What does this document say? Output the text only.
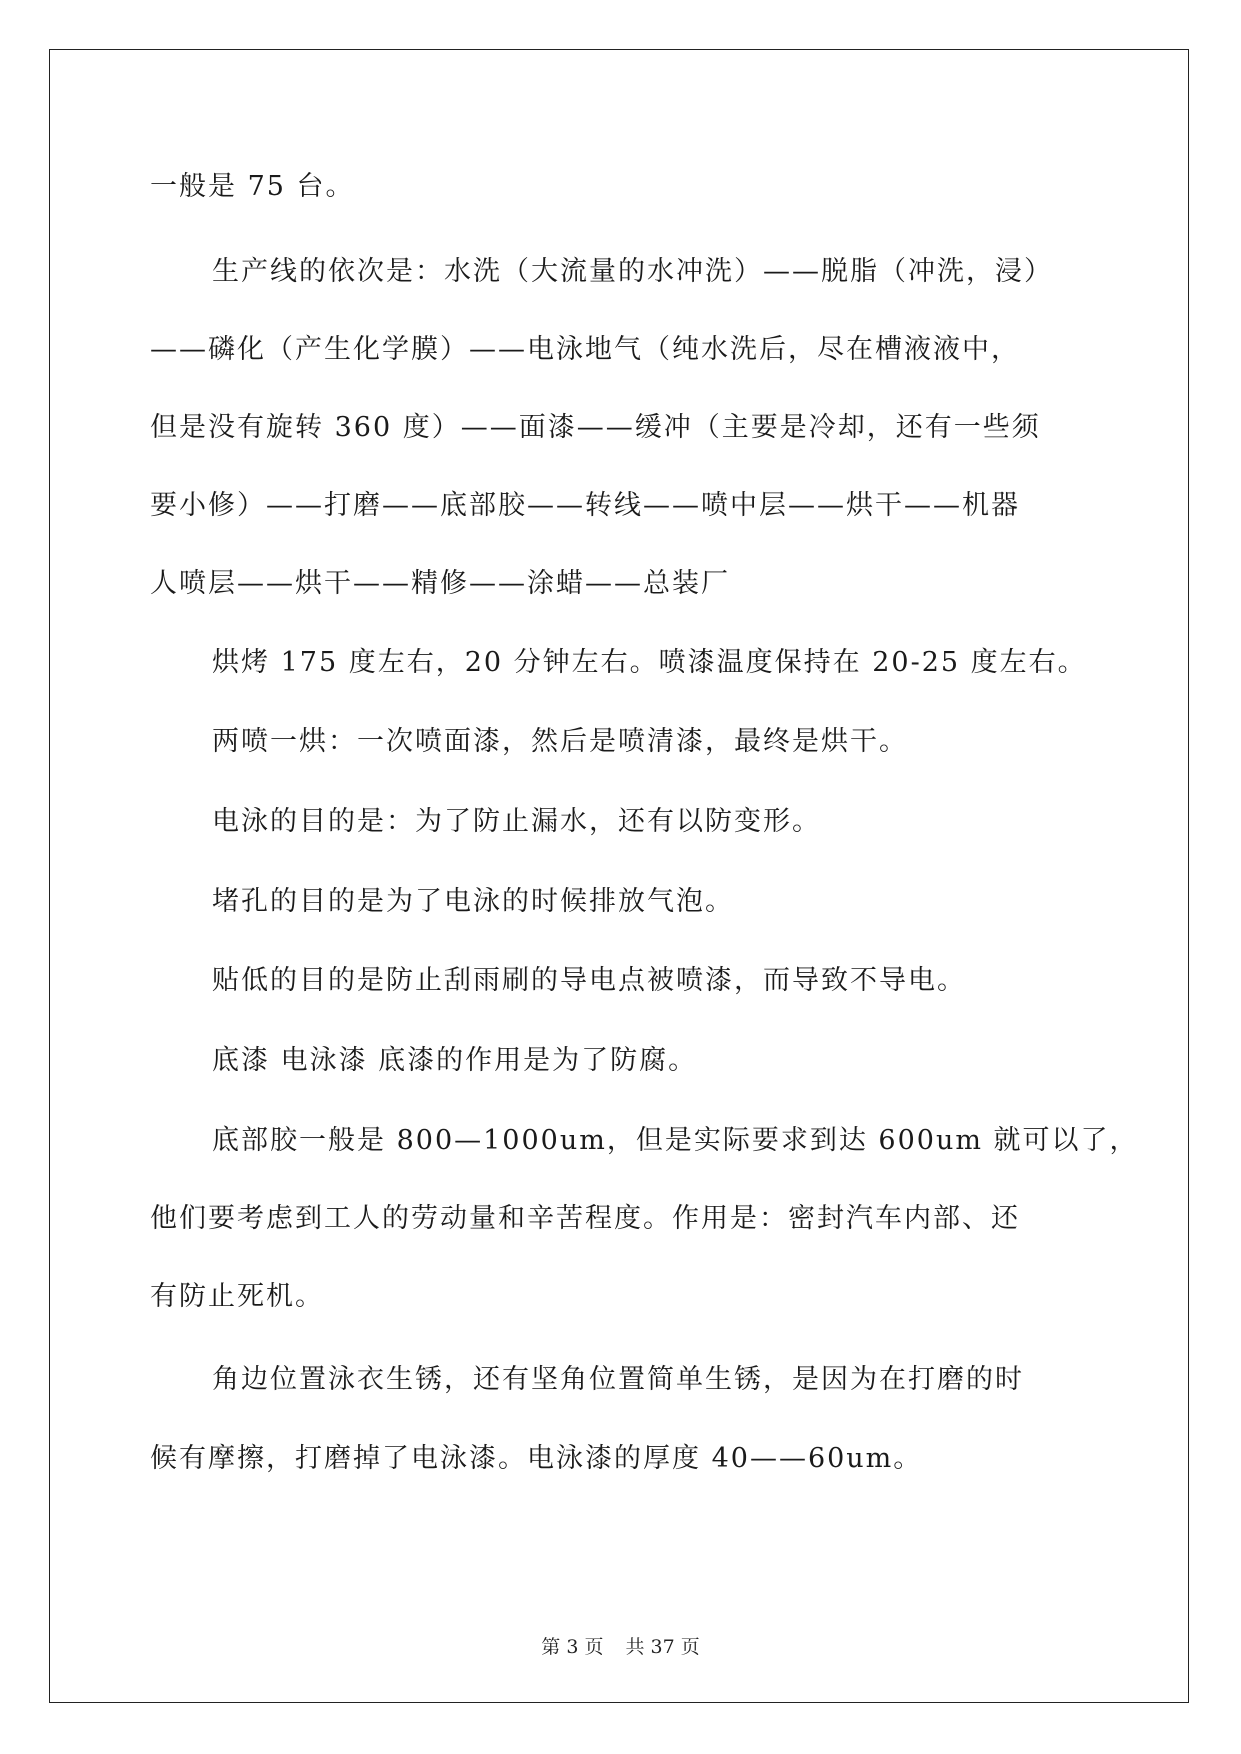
一般是 75 台。

生产线的依次是：水洗（大流量的水冲洗）——脱脂（冲洗，浸）

——磷化（产生化学膜）——电泳地气（纯水洗后，尽在槽液液中，

但是没有旋转 360 度）——面漆——缓冲（主要是冷却，还有一些须

要小修）——打磨——底部胶——转线——喷中层——烘干——机器

人喷层——烘干——精修——涂蜡——总装厂

烘烤 175 度左右，20 分钟左右。喷漆温度保持在 20-25 度左右。

两喷一烘：一次喷面漆，然后是喷清漆，最终是烘干。

电泳的目的是：为了防止漏水，还有以防变形。

堵孔的目的是为了电泳的时候排放气泡。

贴低的目的是防止刮雨刷的导电点被喷漆，而导致不导电。

底漆 电泳漆 底漆的作用是为了防腐。

底部胶一般是 800—1000um，但是实际要求到达 600um 就可以了，

他们要考虑到工人的劳动量和辛苦程度。作用是：密封汽车内部、还

有防止死机。

角边位置泳衣生锈，还有坚角位置简单生锈，是因为在打磨的时

候有摩擦，打磨掉了电泳漆。电泳漆的厚度 40——60um。

第 3 页 共 37 页
